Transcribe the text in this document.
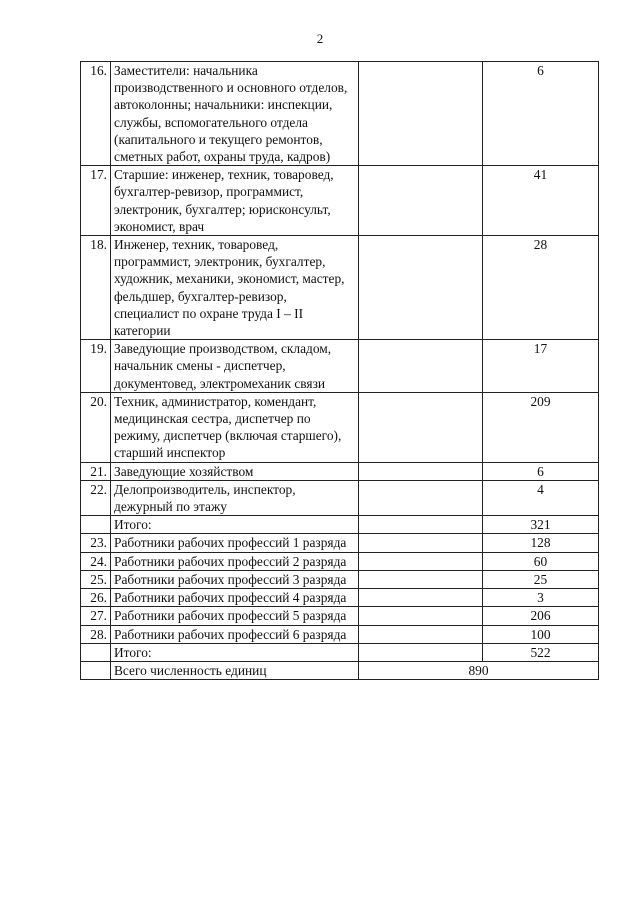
2
16.	Заместители: начальника производственного и основного отделов, автоколонны; начальники: инспекции, службы, вспомогательного отдела (капитального и текущего ремонтов, сметных работ, охраны труда, кадров)		6
17.	Старшие: инженер, техник, товаровед, бухгалтер-ревизор, программист, электроник, бухгалтер; юрисконсульт, экономист, врач		41
18.	Инженер, техник, товаровед, программист, электроник, бухгалтер, художник, механики, экономист, мастер, фельдшер, бухгалтер-ревизор, специалист по охране труда I – II категории		28
19.	Заведующие производством, складом, начальник смены - диспетчер, документовед, электромеханик связи		17
20.	Техник, администратор, комендант, медицинская сестра, диспетчер по режиму, диспетчер (включая старшего), старший инспектор		209
21.	Заведующие хозяйством		6
22.	Делопроизводитель, инспектор, дежурный по этажу		4
	Итого:		321
23.	Работники рабочих профессий 1 разряда		128
24.	Работники рабочих профессий 2 разряда		60
25.	Работники рабочих профессий 3 разряда		25
26.	Работники рабочих профессий 4 разряда		3
27.	Работники рабочих профессий 5 разряда		206
28.	Работники рабочих профессий 6 разряда		100
	Итого:		522
	Всего численность единиц	890	
